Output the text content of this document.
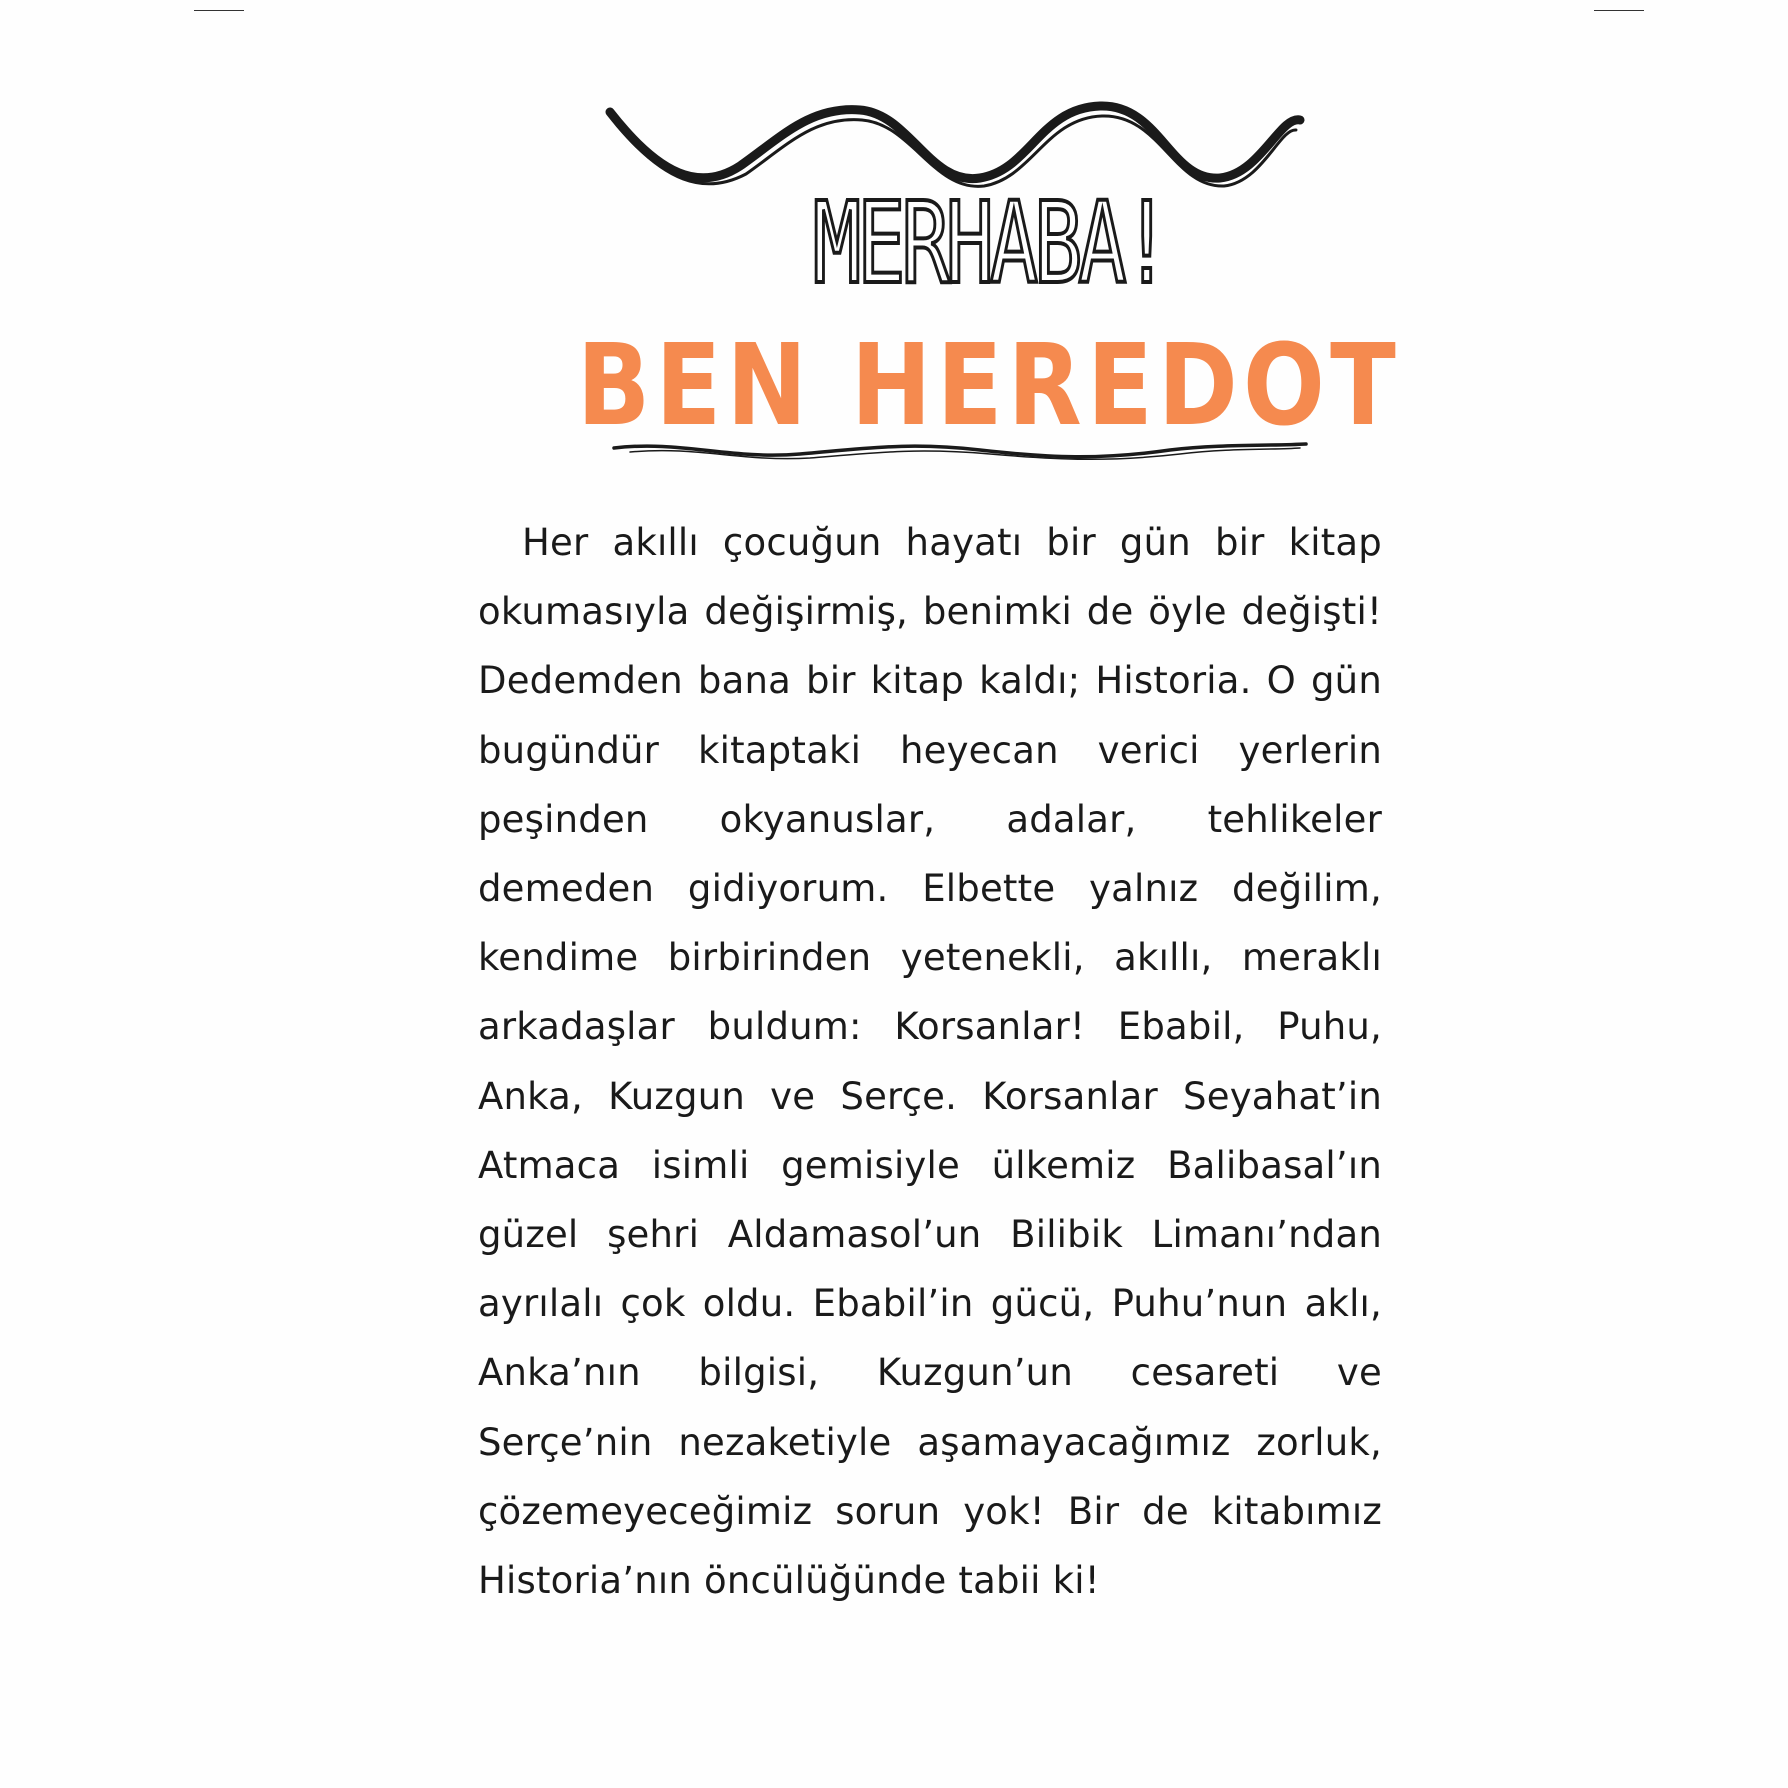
MERHABA!
BEN HEREDOT

Her akıllı çocuğun hayatı bir gün bir kitap okumasıyla değişirmiş, benimki de öyle değişti! Dedemden bana bir kitap kaldı; Historia. O gün bugündür kitaptaki heyecan verici yerlerin peşinden okyanuslar, adalar, tehlikeler demeden gidiyorum. Elbette yalnız değilim, kendime birbirinden yetenekli, akıllı, meraklı arkadaşlar buldum: Korsanlar! Ebabil, Puhu, Anka, Kuzgun ve Serçe. Korsanlar Seyahat’in Atmaca isimli gemisiyle ülkemiz Balibasal’ın güzel şehri Aldamasol’un Bilibik Limanı’ndan ayrılalı çok oldu. Ebabil’in gücü, Puhu’nun aklı, Anka’nın bilgisi, Kuzgun’un cesareti ve Serçe’nin nezaketiyle aşamayacağımız zorluk, çözemeyeceğimiz sorun yok! Bir de kitabımız Historia’nın öncülüğünde tabii ki!
